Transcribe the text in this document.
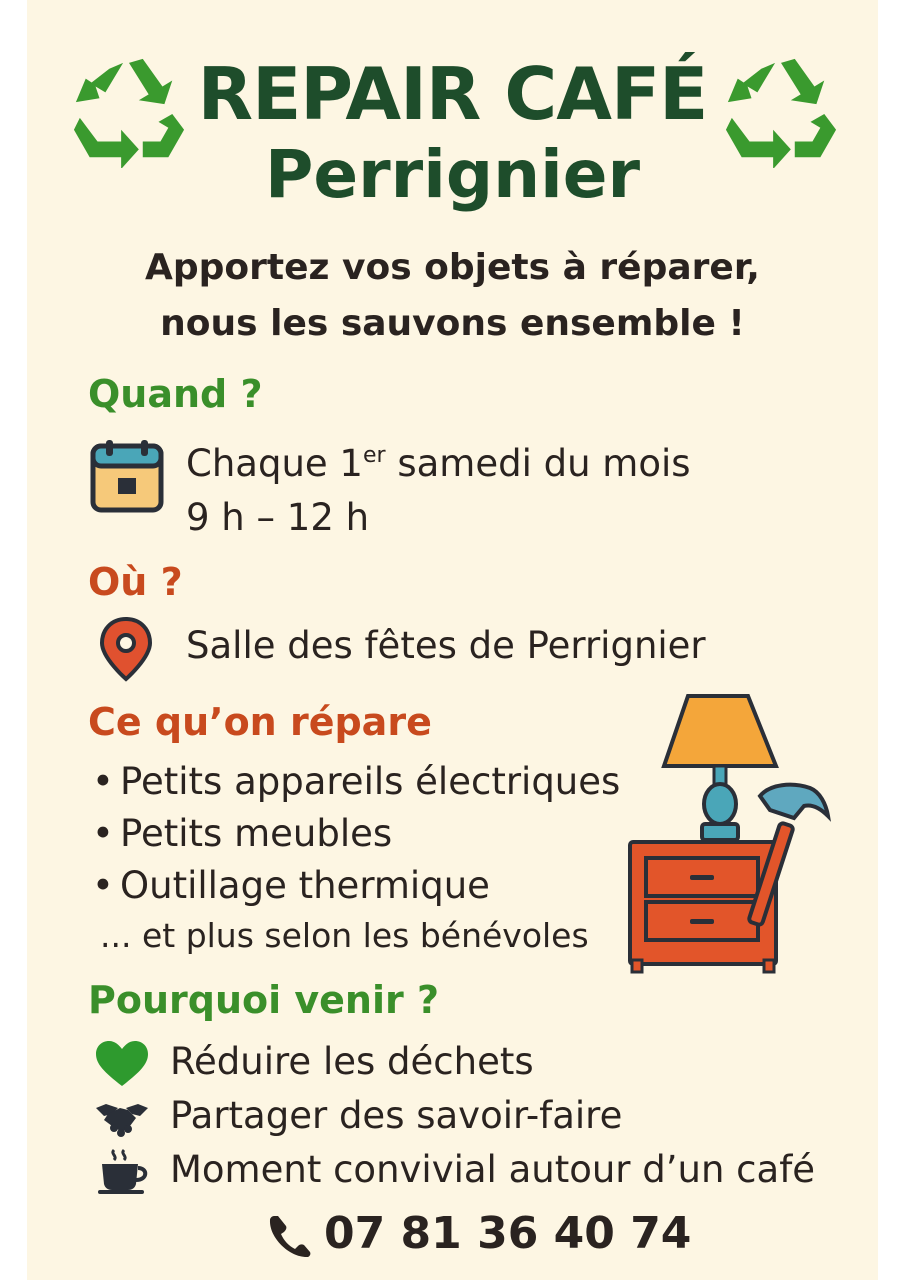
REPAIR CAFÉ
Perrignier
Apportez vos objets à réparer,
nous les sauvons ensemble !
Quand ?
Chaque 1er samedi du mois
9 h – 12 h
Où ?
Salle des fêtes de Perrignier
Ce qu’on répare
• Petits appareils électriques
• Petits meubles
• Outillage thermique
... et plus selon les bénévoles
Pourquoi venir ?
Réduire les déchets
Partager des savoir-faire
Moment convivial autour d’un café
07 81 36 40 74
